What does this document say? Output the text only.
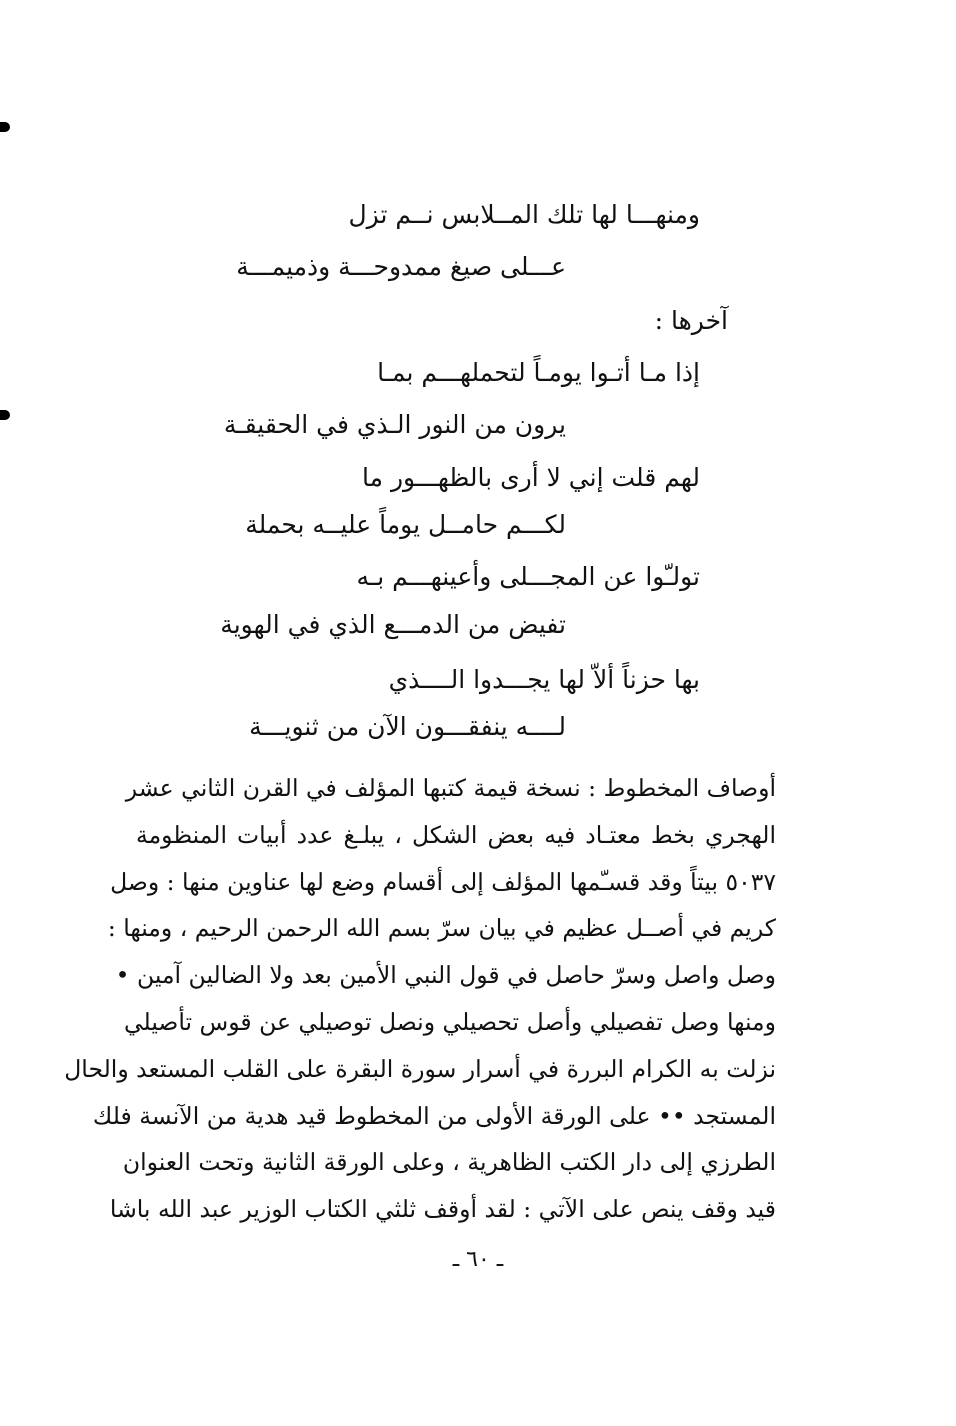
ومنهـــا لها تلك المــلابس نــم تزل
عـــلى صيغ ممدوحـــة وذميمـــة
آخرها :
إذا مـا أتـوا يومـاً لتحملهـــم بمـا
يرون من النور الـذي في الحقيقـة
لهم قلت إني لا أرى بالظهـــور ما
لكـــم حامــل يوماً عليــه بحملة
تولـّوا عن المجـــلى وأعينهـــم بـه
تفيض من الدمـــع الذي في الهوية
بها حزناً ألاّ لها يجـــدوا الــــذي
لــــه ينفقـــون الآن من ثنويـــة
أوصاف المخطوط : نسخة قيمة كتبها المؤلف في القرن الثاني عشر
الهجري بخط معتـاد فيه بعض الشكل ، يبلـغ عدد أبيات المنظومة
٥٠٣٧ بيتاً وقد قسـّمها المؤلف إلى أقسام وضع لها عناوين منها : وصل
كريم في أصــل عظيم في بيان سرّ بسم الله الرحمن الرحيم ، ومنها :
وصل واصل وسرّ حاصل في قول النبي الأمين بعد ولا الضالين آمين •
ومنها وصل تفصيلي وأصل تحصيلي ونصل توصيلي عن قوس تأصيلي
نزلت به الكرام البررة في أسرار سورة البقرة على القلب المستعد والحال
المستجد •• على الورقة الأولى من المخطوط قيد هدية من الآنسة فلك
الطرزي إلى دار الكتب الظاهرية ، وعلى الورقة الثانية وتحت العنوان
قيد وقف ينص على الآتي : لقد أوقف ثلثي الكتاب الوزير عبد الله باشا
ـ ٦٠ ـ
